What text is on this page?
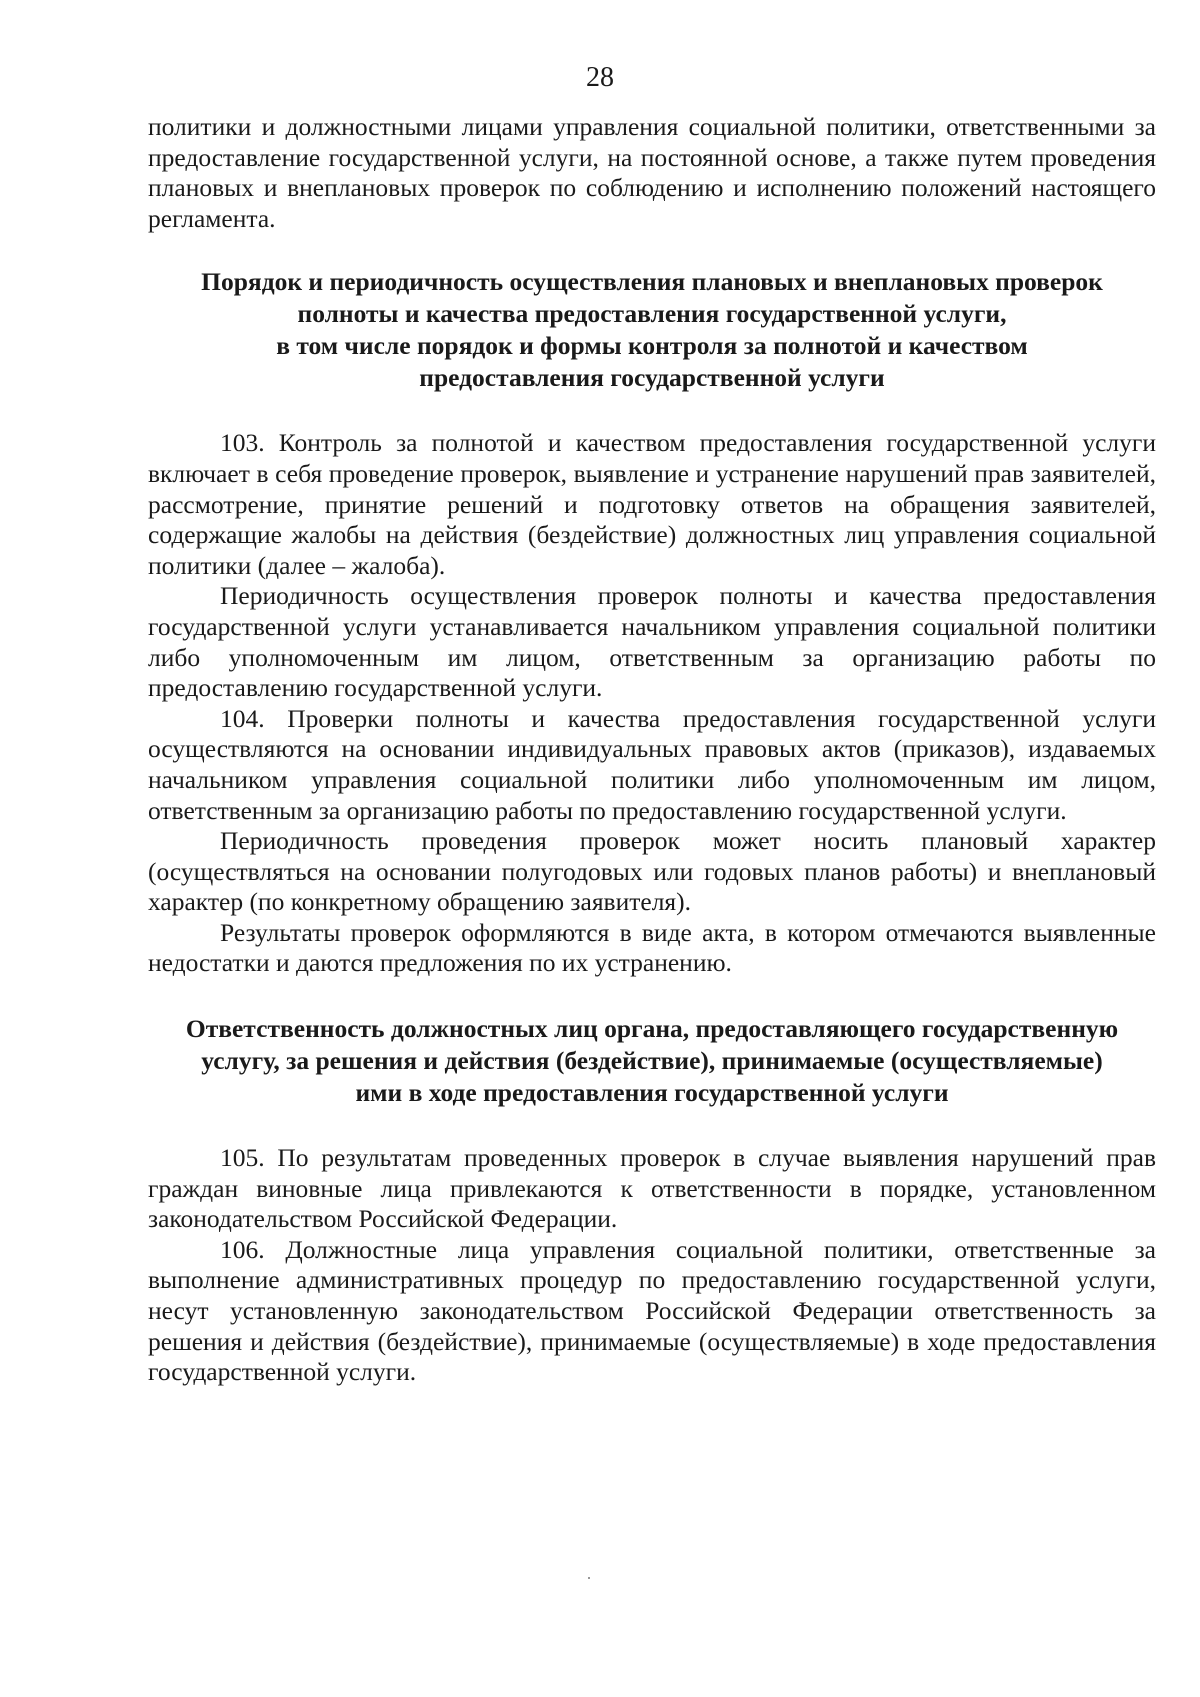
28

политики и должностными лицами управления социальной политики, ответственными за предоставление государственной услуги, на постоянной основе, а также путем проведения плановых и внеплановых проверок по соблюдению и исполнению положений настоящего регламента.

Порядок и периодичность осуществления плановых и внеплановых проверок
полноты и качества предоставления государственной услуги,
в том числе порядок и формы контроля за полнотой и качеством
предоставления государственной услуги

103. Контроль за полнотой и качеством предоставления государственной услуги включает в себя проведение проверок, выявление и устранение нарушений прав заявителей, рассмотрение, принятие решений и подготовку ответов на обращения заявителей, содержащие жалобы на действия (бездействие) должностных лиц управления социальной политики (далее – жалоба).

Периодичность осуществления проверок полноты и качества предоставления государственной услуги устанавливается начальником управления социальной политики либо уполномоченным им лицом, ответственным за организацию работы по предоставлению государственной услуги.

104. Проверки полноты и качества предоставления государственной услуги осуществляются на основании индивидуальных правовых актов (приказов), издаваемых начальником управления социальной политики либо уполномоченным им лицом, ответственным за организацию работы по предоставлению государственной услуги.

Периодичность проведения проверок может носить плановый характер (осуществляться на основании полугодовых или годовых планов работы) и внеплановый характер (по конкретному обращению заявителя).

Результаты проверок оформляются в виде акта, в котором отмечаются выявленные недостатки и даются предложения по их устранению.

Ответственность должностных лиц органа, предоставляющего государственную
услугу, за решения и действия (бездействие), принимаемые (осуществляемые)
ими в ходе предоставления государственной услуги

105. По результатам проведенных проверок в случае выявления нарушений прав граждан виновные лица привлекаются к ответственности в порядке, установленном законодательством Российской Федерации.

106. Должностные лица управления социальной политики, ответственные за выполнение административных процедур по предоставлению государственной услуги, несут установленную законодательством Российской Федерации ответственность за решения и действия (бездействие), принимаемые (осуществляемые) в ходе предоставления государственной услуги.
